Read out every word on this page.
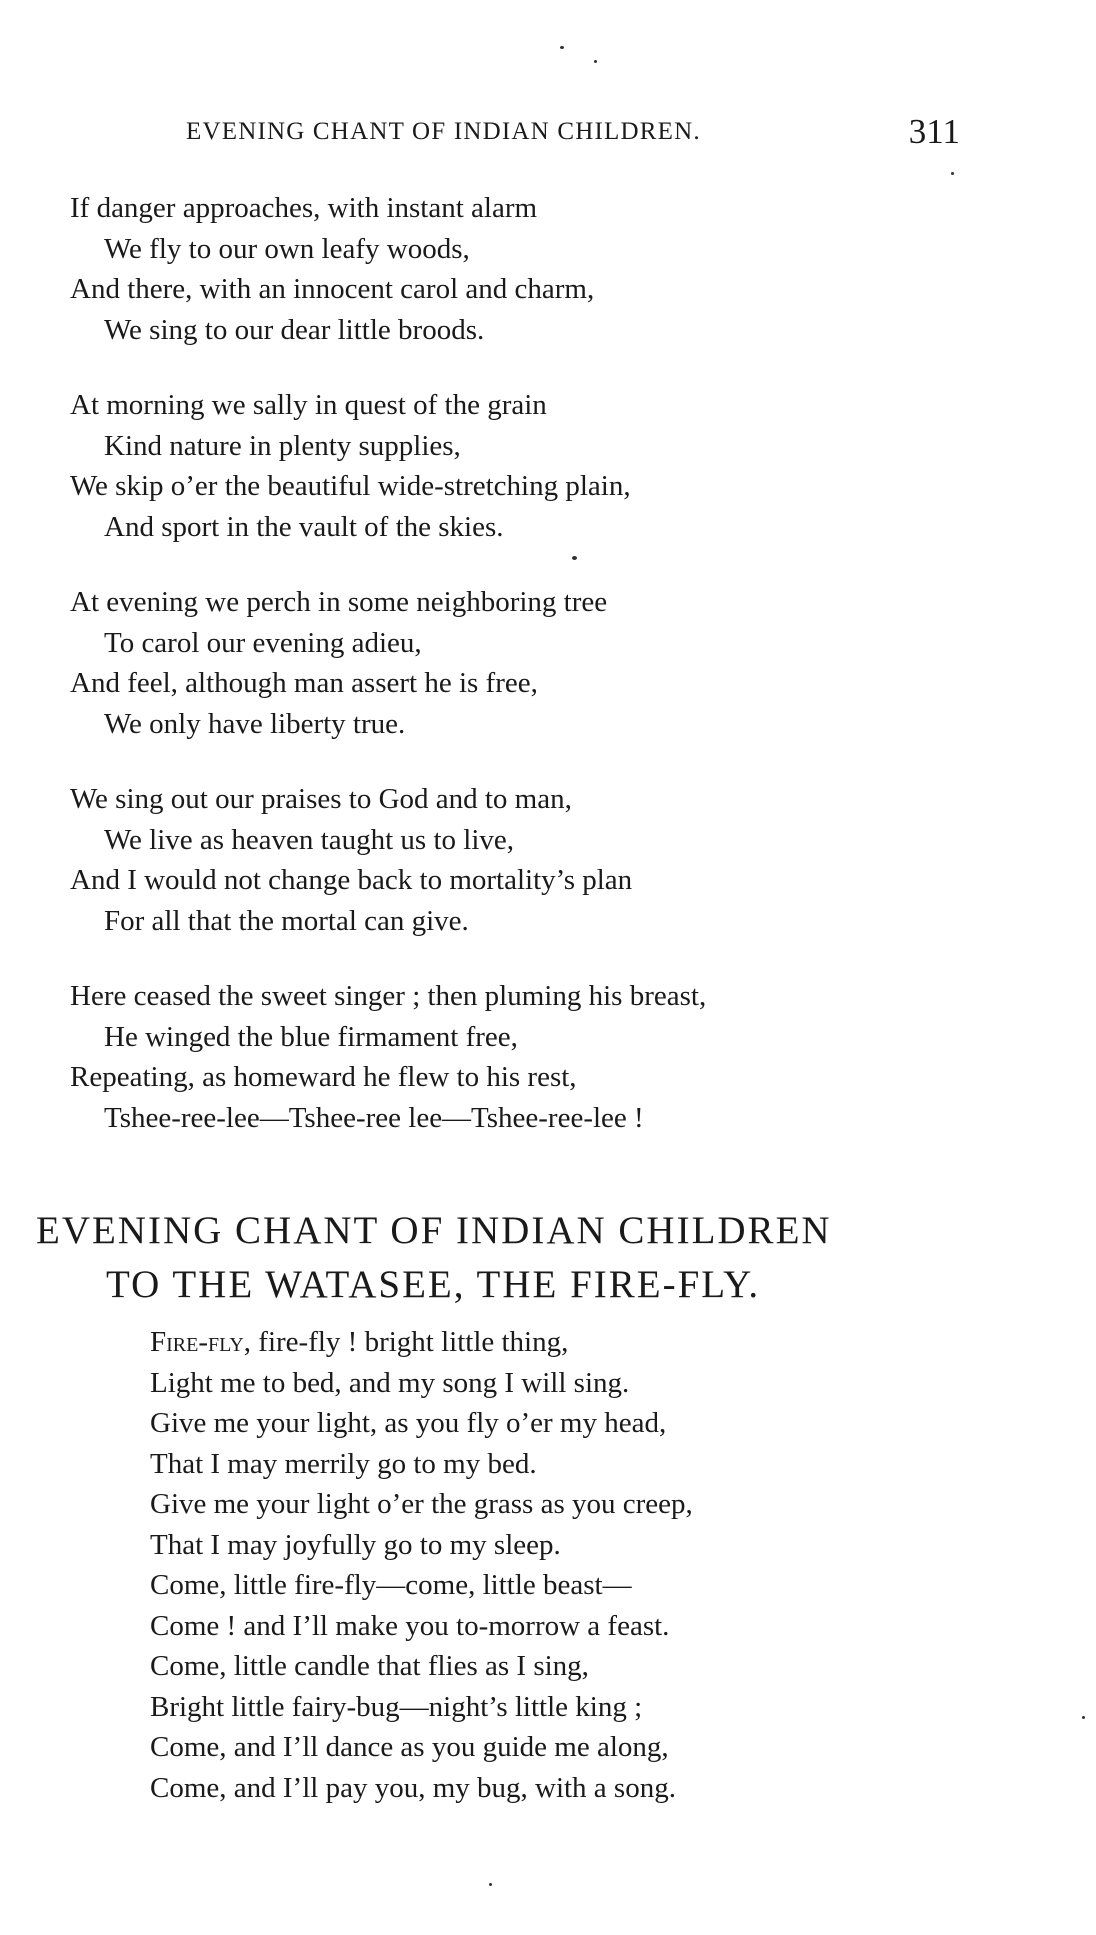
EVENING CHANT OF INDIAN CHILDREN.	311
If danger approaches, with instant alarm
We fly to our own leafy woods,
And there, with an innocent carol and charm,
We sing to our dear little broods.
At morning we sally in quest of the grain
Kind nature in plenty supplies,
We skip o’er the beautiful wide-stretching plain,
And sport in the vault of the skies.
At evening we perch in some neighboring tree
To carol our evening adieu,
And feel, although man assert he is free,
We only have liberty true.
We sing out our praises to God and to man,
We live as heaven taught us to live,
And I would not change back to mortality’s plan
For all that the mortal can give.
Here ceased the sweet singer ; then pluming his breast,
He winged the blue firmament free,
Repeating, as homeward he flew to his rest,
Tshee-ree-lee—Tshee-ree lee—Tshee-ree-lee !
EVENING CHANT OF INDIAN CHILDREN
TO THE WATASEE, THE FIRE-FLY.
Fire-fly, fire-fly ! bright little thing,
Light me to bed, and my song I will sing.
Give me your light, as you fly o’er my head,
That I may merrily go to my bed.
Give me your light o’er the grass as you creep,
That I may joyfully go to my sleep.
Come, little fire-fly—come, little beast—
Come ! and I’ll make you to-morrow a feast.
Come, little candle that flies as I sing,
Bright little fairy-bug—night’s little king ;
Come, and I’ll dance as you guide me along,
Come, and I’ll pay you, my bug, with a song.
